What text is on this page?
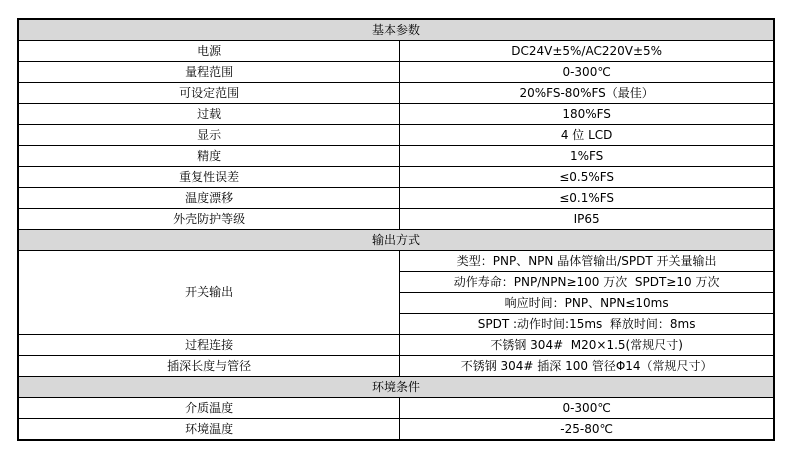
基本参数	
电源	DC24V±5%/AC220V±5%
量程范围	0-300℃
可设定范围	20%FS-80%FS（最佳）
过载	180%FS
显示	4 位 LCD
精度	1%FS
重复性误差	≤0.5%FS
温度漂移	≤0.1%FS
外壳防护等级	IP65
输出方式	
开关输出	类型：PNP、NPN 晶体管输出/SPDT 开关量输出
	动作寿命：PNP/NPN≥100 万次  SPDT≥10 万次
	响应时间：PNP、NPN≤10ms
	SPDT :动作时间:15ms  释放时间：8ms
过程连接	不锈钢 304#  M20×1.5(常规尺寸)
插深长度与管径	不锈钢 304# 插深 100 管径Φ14（常规尺寸）
环境条件	
介质温度	0-300℃
环境温度	-25-80℃
